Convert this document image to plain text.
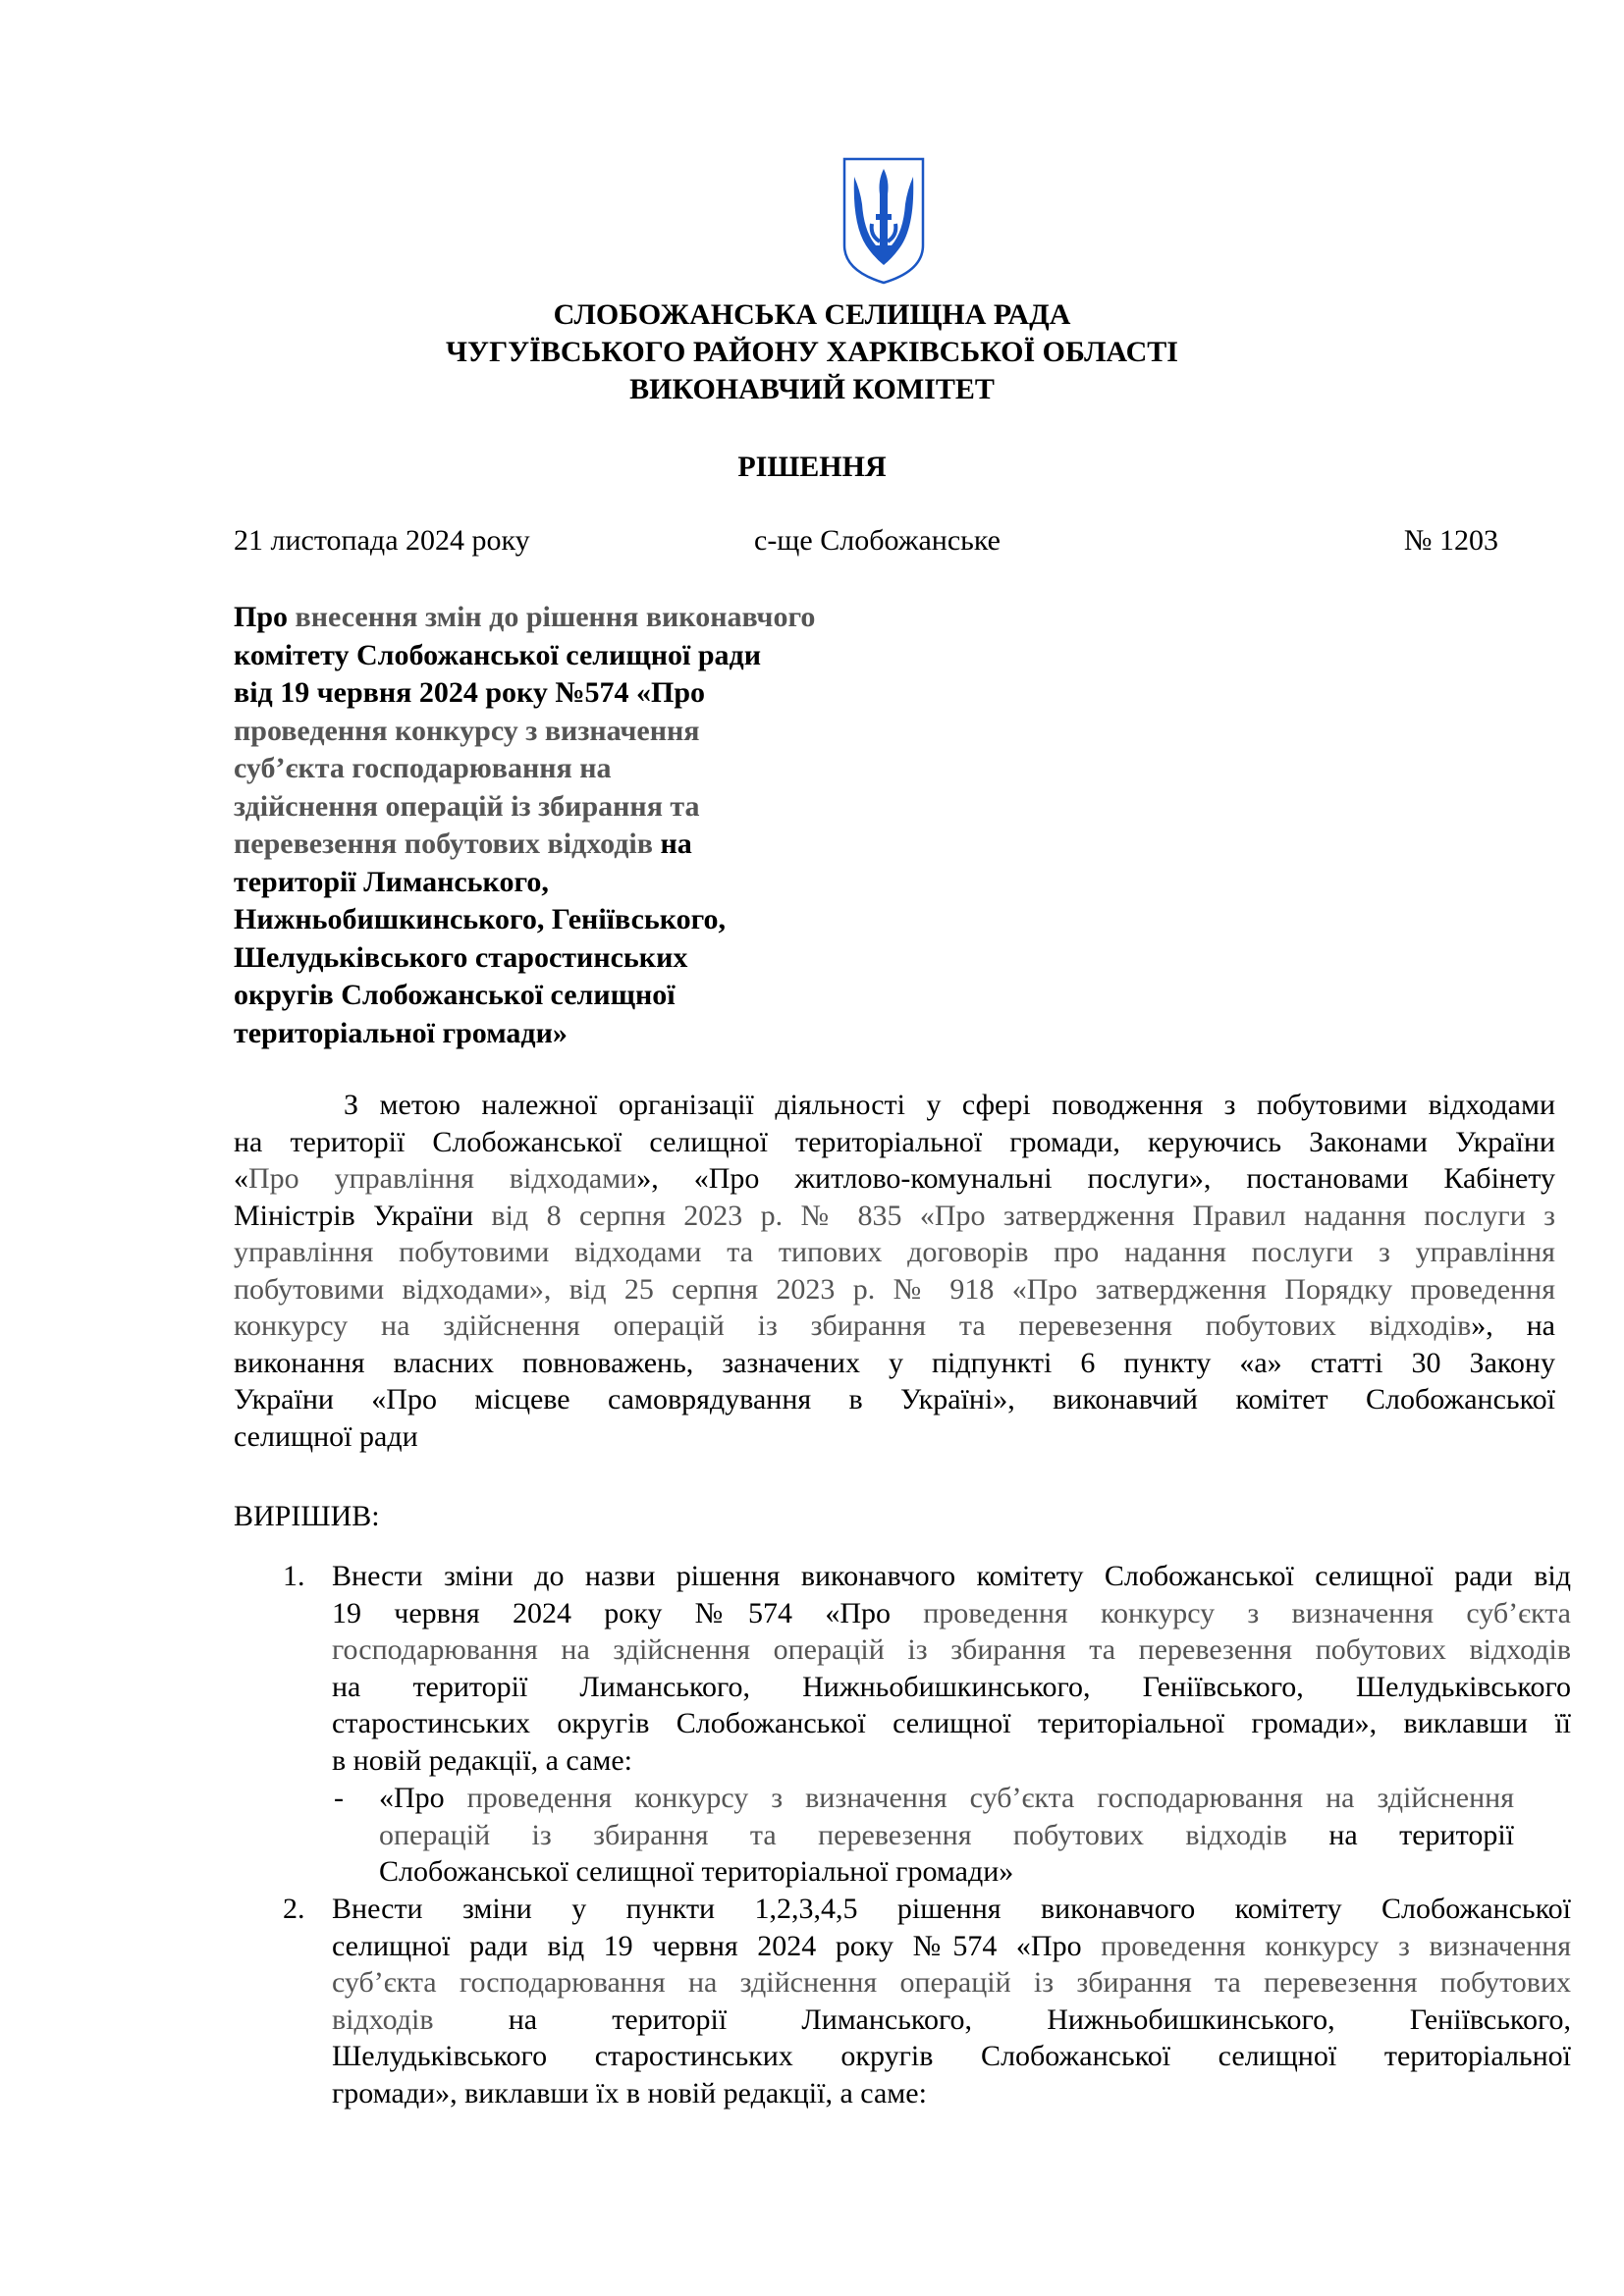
СЛОБОЖАНСЬКА СЕЛИЩНА РАДА
ЧУГУЇВСЬКОГО РАЙОНУ ХАРКІВСЬКОЇ ОБЛАСТІ
ВИКОНАВЧИЙ КОМІТЕТ
РІШЕННЯ
21 листопада 2024 року	с-ще Слобожанське	№ 1203
Про внесення змін до рішення виконавчого
комітету Слобожанської селищної ради
від 19 червня 2024 року №574 «Про
проведення конкурсу з визначення
суб’єкта господарювання на
здійснення операцій із збирання та
перевезення побутових відходів на
території Лиманського,
Нижньобишкинського, Геніївського,
Шелудьківського старостинських
округів Слобожанської селищної
територіальної громади»
З метою належної організації діяльності у сфері поводження з побутовими відходами
на території Слобожанської селищної територіальної громади, керуючись Законами України
«Про управління відходами», «Про житлово-комунальні послуги», постановами Кабінету
Міністрів України від 8 серпня 2023 р. № 835 «Про затвердження Правил надання послуги з
управління побутовими відходами та типових договорів про надання послуги з управління
побутовими відходами», від 25 серпня 2023 р. № 918 «Про затвердження Порядку проведення
конкурсу на здійснення операцій із збирання та перевезення побутових відходів», на
виконання власних повноважень, зазначених у підпункті 6 пункту «а» статті 30 Закону
України «Про місцеве самоврядування в Україні», виконавчий комітет Слобожанської
селищної ради
ВИРІШИВ:
1. Внести зміни до назви рішення виконавчого комітету Слобожанської селищної ради від
19 червня 2024 року №574 «Про проведення конкурсу з визначення суб’єкта
господарювання на здійснення операцій із збирання та перевезення побутових відходів
на території Лиманського, Нижньобишкинського, Геніївського, Шелудьківського
старостинських округів Слобожанської селищної територіальної громади», виклавши її
в новій редакції, а саме:
- «Про проведення конкурсу з визначення суб’єкта господарювання на здійснення
операцій із збирання та перевезення побутових відходів на території
Слобожанської селищної територіальної громади»
2. Внести зміни у пункти 1,2,3,4,5 рішення виконавчого комітету Слобожанської
селищної ради від 19 червня 2024 року №574 «Про проведення конкурсу з визначення
суб’єкта господарювання на здійснення операцій із збирання та перевезення побутових
відходів на території Лиманського, Нижньобишкинського, Геніївського,
Шелудьківського старостинських округів Слобожанської селищної територіальної
громади», виклавши їх в новій редакції, а саме:
